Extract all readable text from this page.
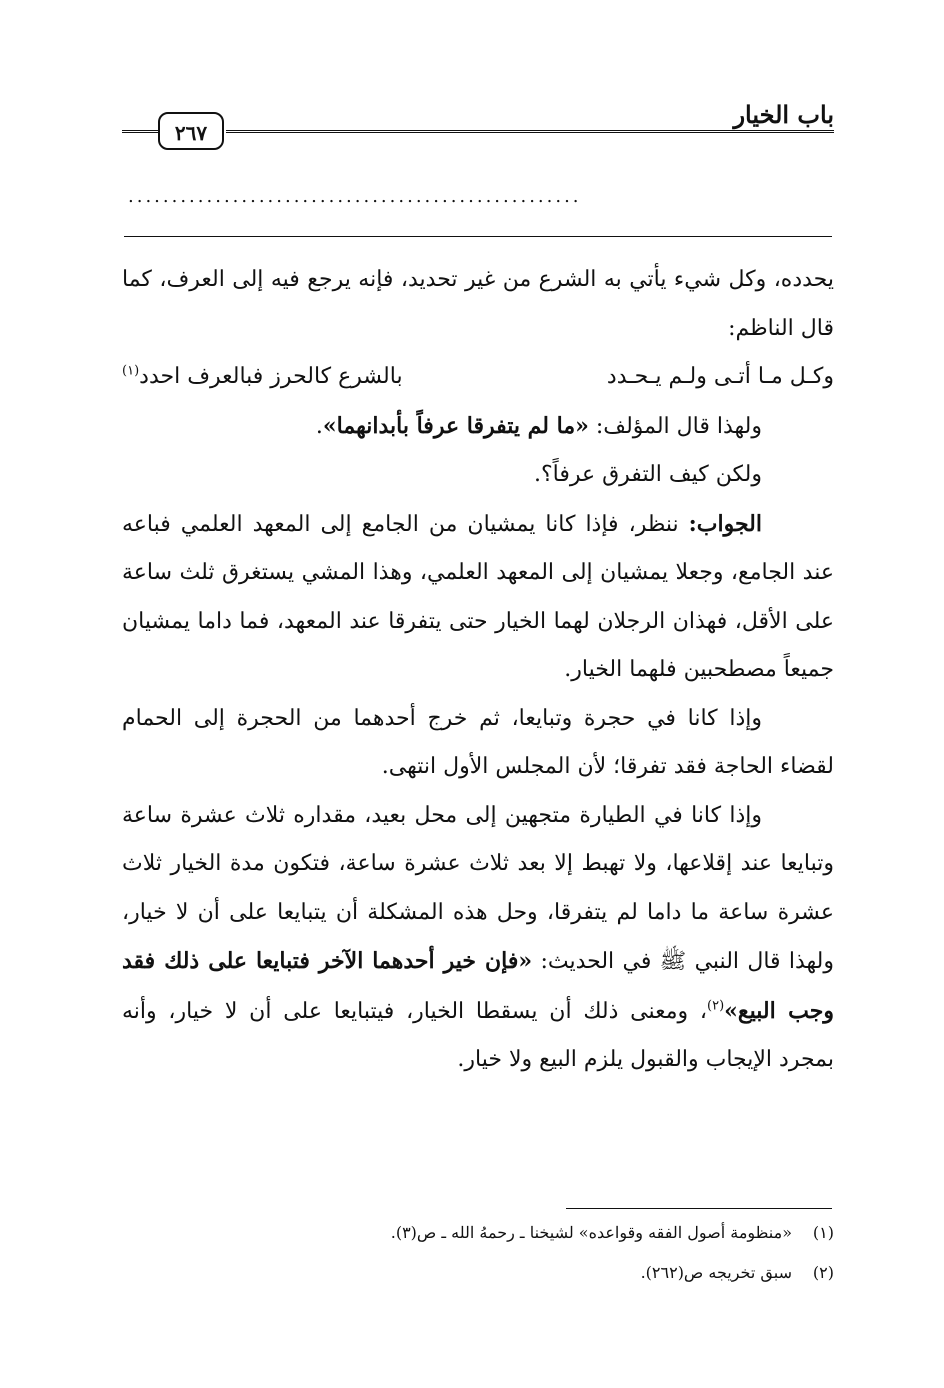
باب الخيار
٢٦٧
....................................................

يحدده، وكل شيء يأتي به الشرع من غير تحديد، فإنه يرجع فيه إلى العرف، كما قال الناظم:

وكـل مـا أتـى ولـم يـحـدد
بالشرع كالحرز فبالعرف احدد$^{(١)}$

ولهذا قال المؤلف: «ما لم يتفرقا عرفاً بأبدانهما».

ولكن كيف التفرق عرفاً؟.

الجواب: ننظر، فإذا كانا يمشيان من الجامع إلى المعهد العلمي فباعه عند الجامع، وجعلا يمشيان إلى المعهد العلمي، وهذا المشي يستغرق ثلث ساعة على الأقل، فهذان الرجلان لهما الخيار حتى يتفرقا عند المعهد، فما داما يمشيان جميعاً مصطحبين فلهما الخيار.

وإذا كانا في حجرة وتبايعا، ثم خرج أحدهما من الحجرة إلى الحمام لقضاء الحاجة فقد تفرقا؛ لأن المجلس الأول انتهى.

وإذا كانا في الطيارة متجهين إلى محل بعيد، مقداره ثلاث عشرة ساعة وتبايعا عند إقلاعها، ولا تهبط إلا بعد ثلاث عشرة ساعة، فتكون مدة الخيار ثلاث عشرة ساعة ما داما لم يتفرقا، وحل هذه المشكلة أن يتبايعا على أن لا خيار، ولهذا قال النبي ﷺ في الحديث: «فإن خير أحدهما الآخر فتبايعا على ذلك فقد وجب البيع»$^{(٢)}$، ومعنى ذلك أن يسقطا الخيار، فيتبايعا على أن لا خيار، وأنه بمجرد الإيجاب والقبول يلزم البيع ولا خيار.

(١)«منظومة أصول الفقه وقواعده» لشيخنا ـ رحمهُ الله ـ ص(٣).
(٢)سبق تخريجه ص(٢٦٢).
